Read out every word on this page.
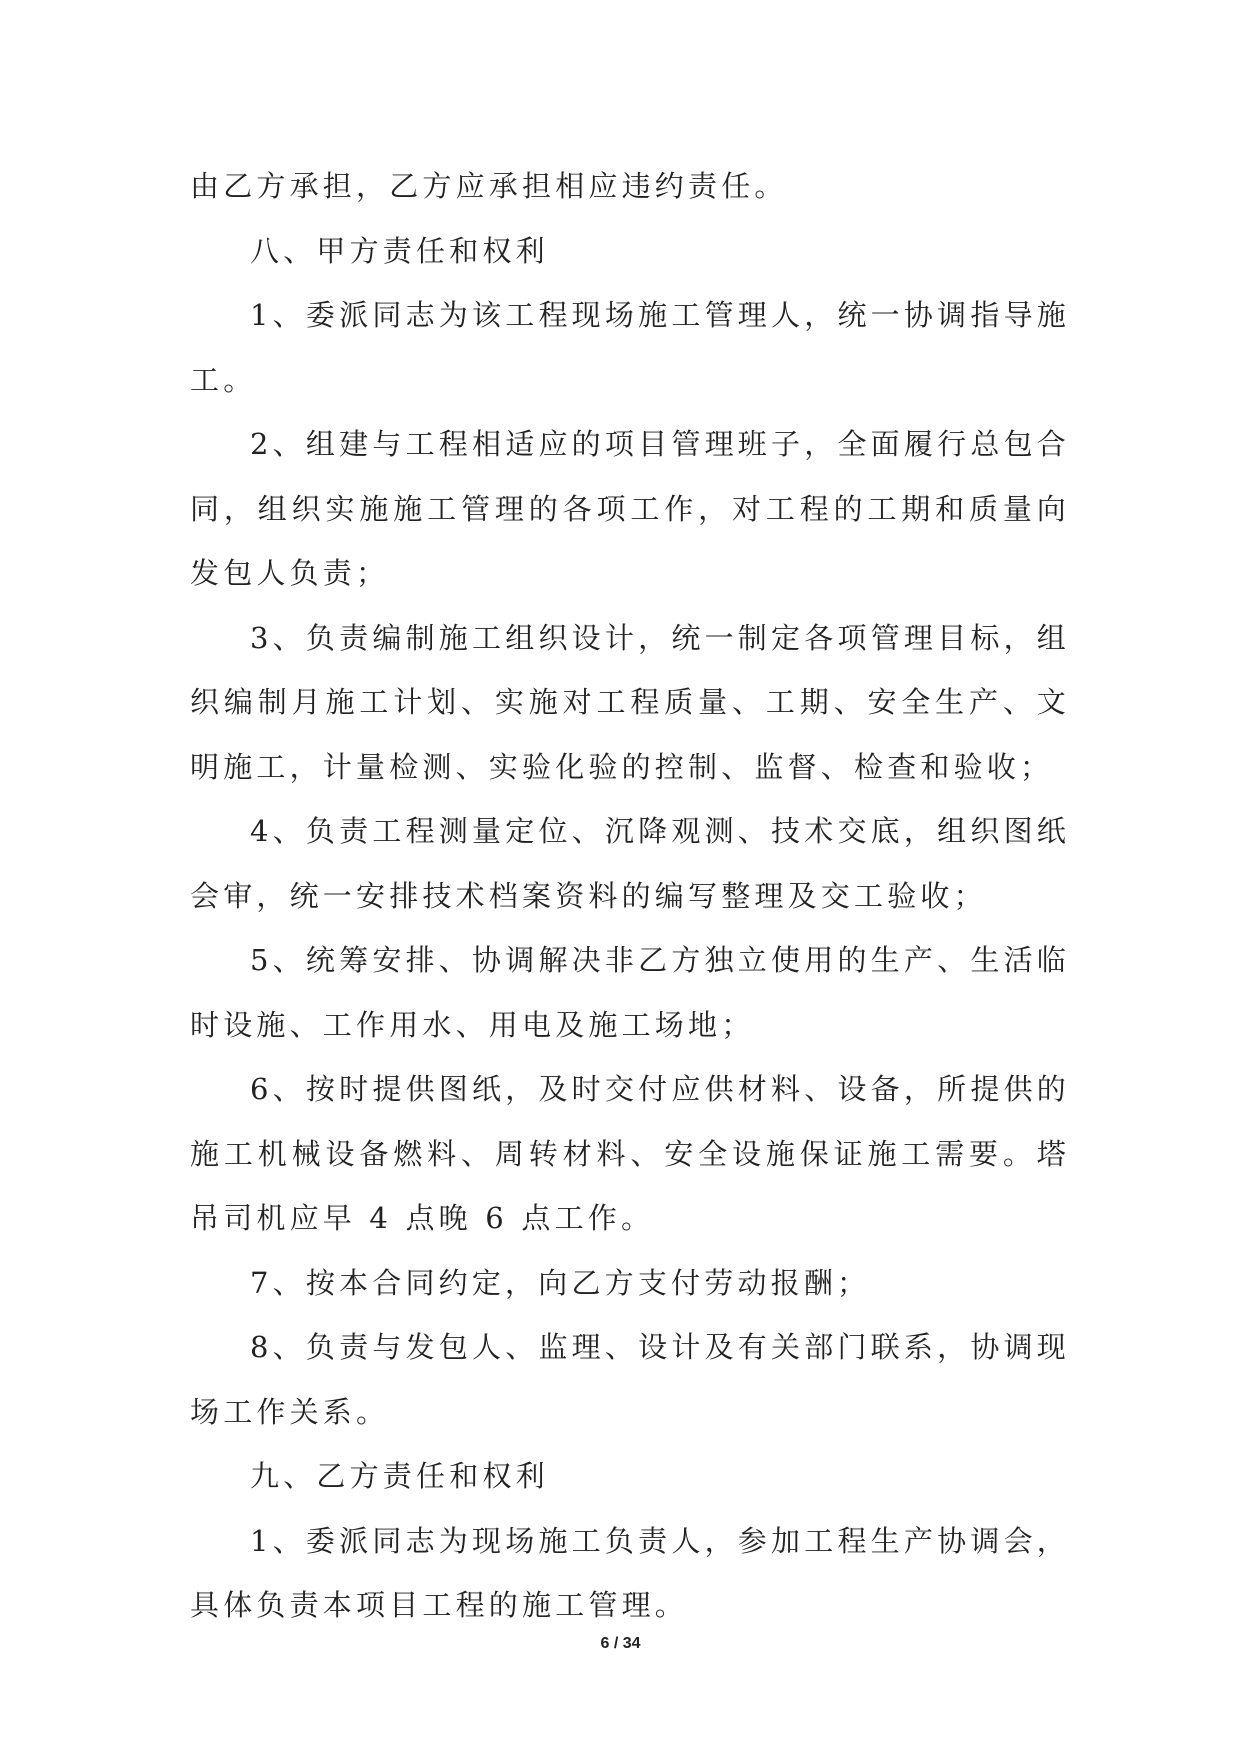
由乙方承担，乙方应承担相应违约责任。

八、甲方责任和权利

1、委派同志为该工程现场施工管理人，统一协调指导施工。

2、组建与工程相适应的项目管理班子，全面履行总包合同，组织实施施工管理的各项工作，对工程的工期和质量向发包人负责；

3、负责编制施工组织设计，统一制定各项管理目标，组织编制月施工计划、实施对工程质量、工期、安全生产、文明施工，计量检测、实验化验的控制、监督、检查和验收；

4、负责工程测量定位、沉降观测、技术交底，组织图纸会审，统一安排技术档案资料的编写整理及交工验收；

5、统筹安排、协调解决非乙方独立使用的生产、生活临时设施、工作用水、用电及施工场地；

6、按时提供图纸，及时交付应供材料、设备，所提供的施工机械设备燃料、周转材料、安全设施保证施工需要。塔吊司机应早 4 点晚 6 点工作。

7、按本合同约定，向乙方支付劳动报酬；

8、负责与发包人、监理、设计及有关部门联系，协调现场工作关系。

九、乙方责任和权利

1、委派同志为现场施工负责人，参加工程生产协调会，具体负责本项目工程的施工管理。

6 / 34
